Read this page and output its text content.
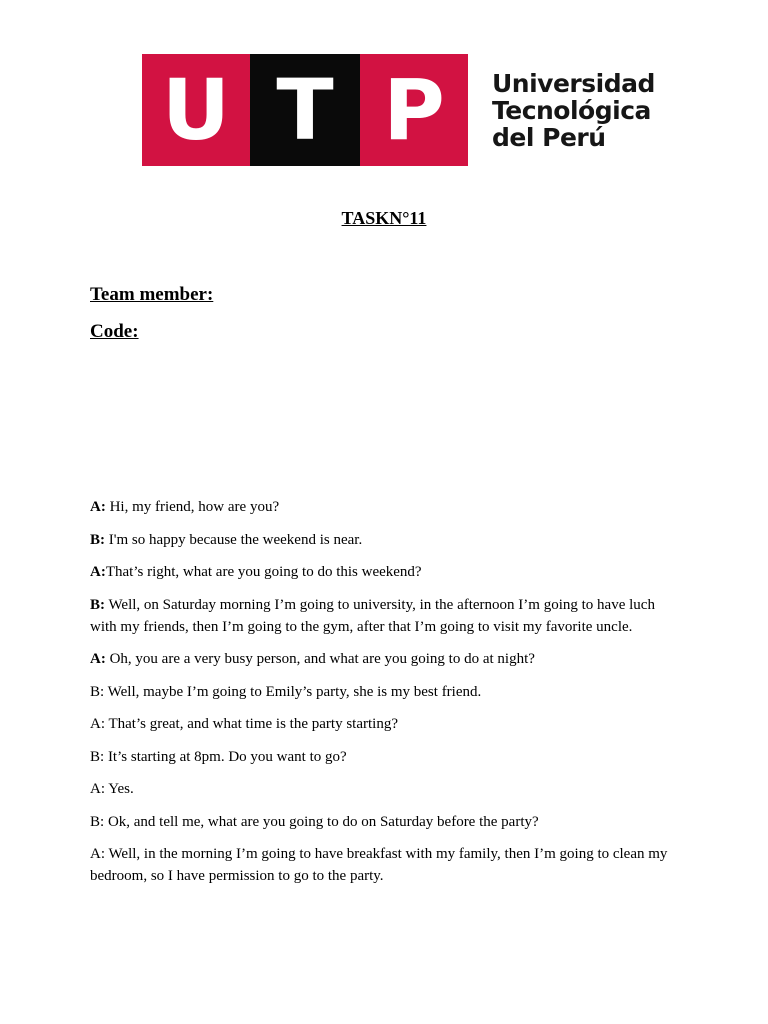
U T P	Universidad
Tecnológica
del Perú
TASKN°11
Team member:
Code:

A: Hi, my friend, how are you?

B: I'm so happy because the weekend is near.

A:That’s right, what are you going to do this weekend?

B: Well, on Saturday morning I’m going to university, in the afternoon I’m going to have luch with my friends, then I’m going to the gym, after that I’m going to visit my favorite uncle.

A: Oh, you are a very busy person, and what are you going to do at night?

B: Well, maybe I’m going to Emily’s party, she is my best friend.

A: That’s great, and what time is the party starting?

B: It’s starting at 8pm. Do you want to go?

A: Yes.

B: Ok, and tell me, what are you going to do on Saturday before the party?

A: Well, in the morning I’m going to have breakfast with my family, then I’m going to clean my bedroom, so I have permission to go to the party.
